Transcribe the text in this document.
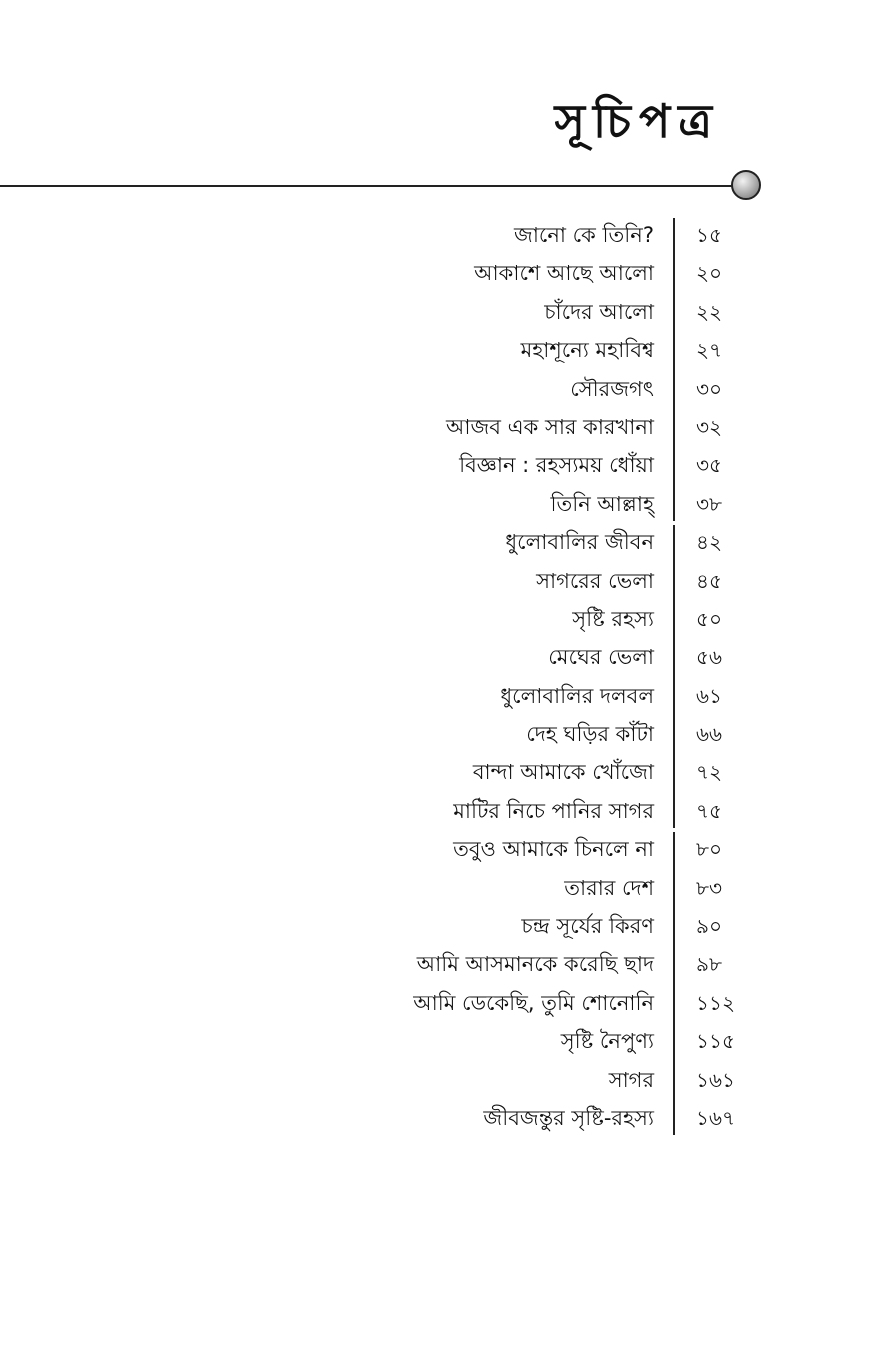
সূচিপত্র
জানো কে তিনি? ১৫
আকাশে আছে আলো ২০
চাঁদের আলো ২২
মহাশূন্যে মহাবিশ্ব ২৭
সৌরজগৎ ৩০
আজব এক সার কারখানা ৩২
বিজ্ঞান : রহস্যময় ধোঁয়া ৩৫
তিনি আল্লাহ্ ৩৮
ধুলোবালির জীবন ৪২
সাগরের ভেলা ৪৫
সৃষ্টি রহস্য ৫০
মেঘের ভেলা ৫৬
ধুলোবালির দলবল ৬১
দেহ ঘড়ির কাঁটা ৬৬
বান্দা আমাকে খোঁজো ৭২
মাটির নিচে পানির সাগর ৭৫
তবুও আমাকে চিনলে না ৮০
তারার দেশ ৮৩
চন্দ্র সূর্যের কিরণ ৯০
আমি আসমানকে করেছি ছাদ ৯৮
আমি ডেকেছি, তুমি শোনোনি ১১২
সৃষ্টি নৈপুণ্য ১১৫
সাগর ১৬১
জীবজন্তুর সৃষ্টি-রহস্য ১৬৭
